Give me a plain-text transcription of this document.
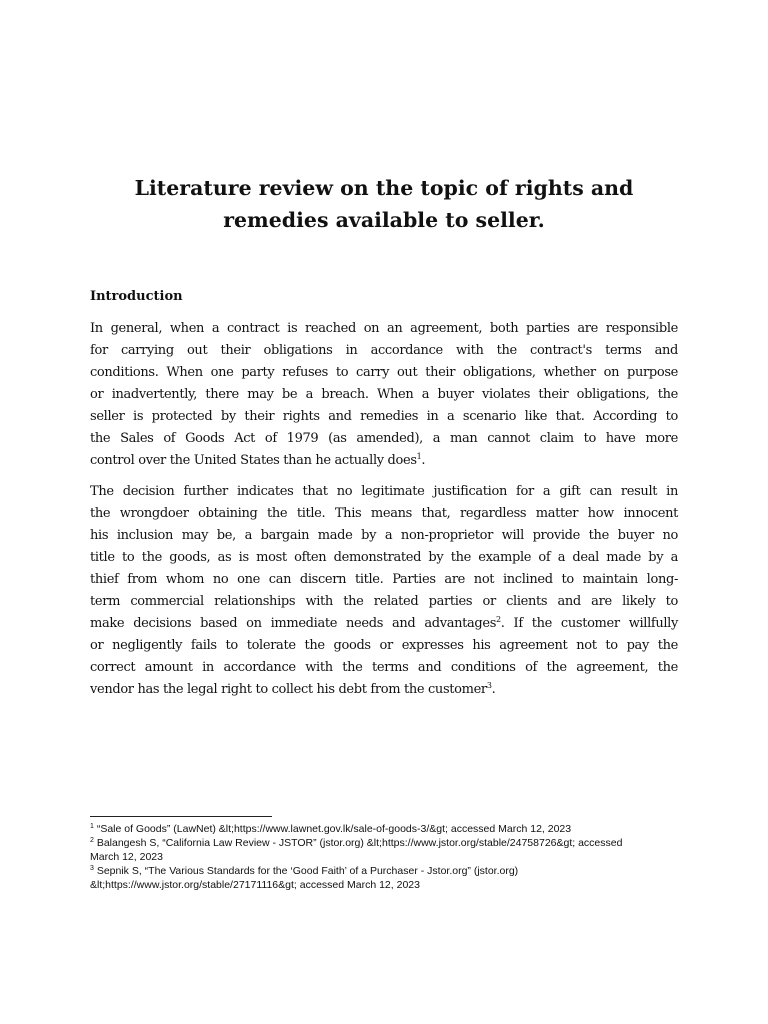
Literature review on the topic of rights and
remedies available to seller.
Introduction

In general, when a contract is reached on an agreement, both parties are responsible
for carrying out their obligations in accordance with the contract's terms and
conditions. When one party refuses to carry out their obligations, whether on purpose
or inadvertently, there may be a breach. When a buyer violates their obligations, the
seller is protected by their rights and remedies in a scenario like that. According to
the Sales of Goods Act of 1979 (as amended), a man cannot claim to have more
control over the United States than he actually does$^1$.

The decision further indicates that no legitimate justification for a gift can result in
the wrongdoer obtaining the title. This means that, regardless matter how innocent
his inclusion may be, a bargain made by a non-proprietor will provide the buyer no
title to the goods, as is most often demonstrated by the example of a deal made by a
thief from whom no one can discern title. Parties are not inclined to maintain long-
term commercial relationships with the related parties or clients and are likely to
make decisions based on immediate needs and advantages$^2$. If the customer willfully
or negligently fails to tolerate the goods or expresses his agreement not to pay the
correct amount in accordance with the terms and conditions of the agreement, the
vendor has the legal right to collect his debt from the customer$^3$.

$^1$ “Sale of Goods” (LawNet) &lt;https://www.lawnet.gov.lk/sale-of-goods-3/&gt; accessed March 12, 2023
$^2$ Balangesh S, “California Law Review - JSTOR” (jstor.org) &lt;https://www.jstor.org/stable/24758726&gt; accessed
March 12, 2023
$^3$ Sepnik S, “The Various Standards for the ‘Good Faith’ of a Purchaser - Jstor.org” (jstor.org)
&lt;https://www.jstor.org/stable/27171116&gt; accessed March 12, 2023
